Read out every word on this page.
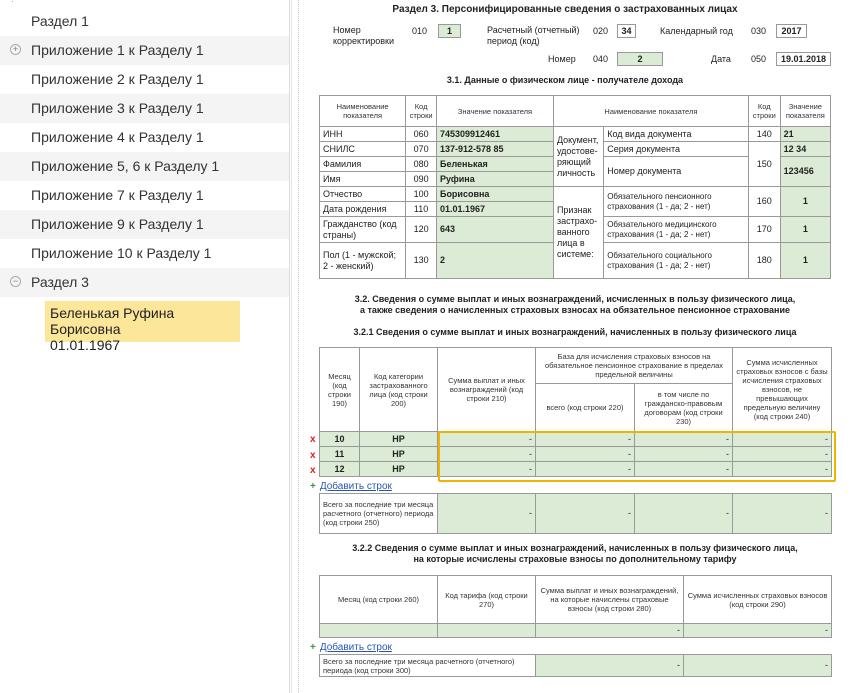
Раздел 1
+ Приложение 1 к Разделу 1
Приложение 2 к Разделу 1
Приложение 3 к Разделу 1
Приложение 4 к Разделу 1
Приложение 5, 6 к Разделу 1
Приложение 7 к Разделу 1
Приложение 9 к Разделу 1
Приложение 10 к Разделу 1
− Раздел 3
Беленькая Руфина Борисовна
01.01.1967
Раздел 3. Персонифицированные сведения о застрахованных лицах
Номер корректировки
010	1	Расчетный (отчетный) период (код)
020	34	Календарный год 030	2017
Номер 040	2	Дата 050	19.01.2018
3.1. Данные о физическом лице - получателе дохода
Наименование показателя	Код строки	Значение показателя	Наименование показателя		Код строки	Значение показателя
ИНН	060	745309912461	Документ, удостове-ряющий личность	Код вида документа	140	21
СНИЛС	070	137-912-578 85		Серия документа	150	12 34
Фамилия	080	Беленькая		Номер документа		123456
Имя	090	Руфина				
Отчество	100	Борисовна	Признак застрахо-ванного лица в системе:	Обязательного пенсионного страхования (1 - да; 2 - нет)	160	1
Дата рождения	110	01.01.1967				
Гражданство (код страны)	120	643		Обязательного медицинского страхования (1 - да; 2 - нет)	170	1
Пол (1 - мужской; 2 - женский)	130	2		Обязательного социального страхования (1 - да; 2 - нет)	180	1
3.2. Сведения о сумме выплат и иных вознаграждений, исчисленных в пользу физического лица,
а также сведения о начисленных страховых взносах на обязательное пенсионное страхование
3.2.1 Сведения о сумме выплат и иных вознаграждений, начисленных в пользу физического лица
Месяц (код строки 190)	Код категории застрахованного лица (код строки 200)	Сумма выплат и иных вознаграждений (код строки 210)	База для исчисления страховых взносов на обязательное пенсионное страхование в пределах предельной величины		Сумма исчисленных страховых взносов с базы исчисления страховых взносов, не превышающих предельную величину (код строки 240)
			всего (код строки 220)	в том числе по гражданско-правовым договорам (код строки 230)	
10	НР	-	-	-	-
11	НР	-	-	-	-
12	НР	-	-	-	-
x
x
x
+ Добавить строк
Всего за последние три месяца расчетного (отчетного) периода (код строки 250)	-	-	-	-
3.2.2 Сведения о сумме выплат и иных вознаграждений, начисленных в пользу физического лица,
на которые исчислены страховые взносы по дополнительному тарифу
Месяц (код строки 260)	Код тарифа (код строки 270)	Сумма выплат и иных вознаграждений, на которые начислены страховые взносы (код строки 280)	Сумма исчисленных страховых взносов (код строки 290)
		-	-
+ Добавить строк
Всего за последние три месяца расчетного (отчетного) периода (код строки 300)	-	-
